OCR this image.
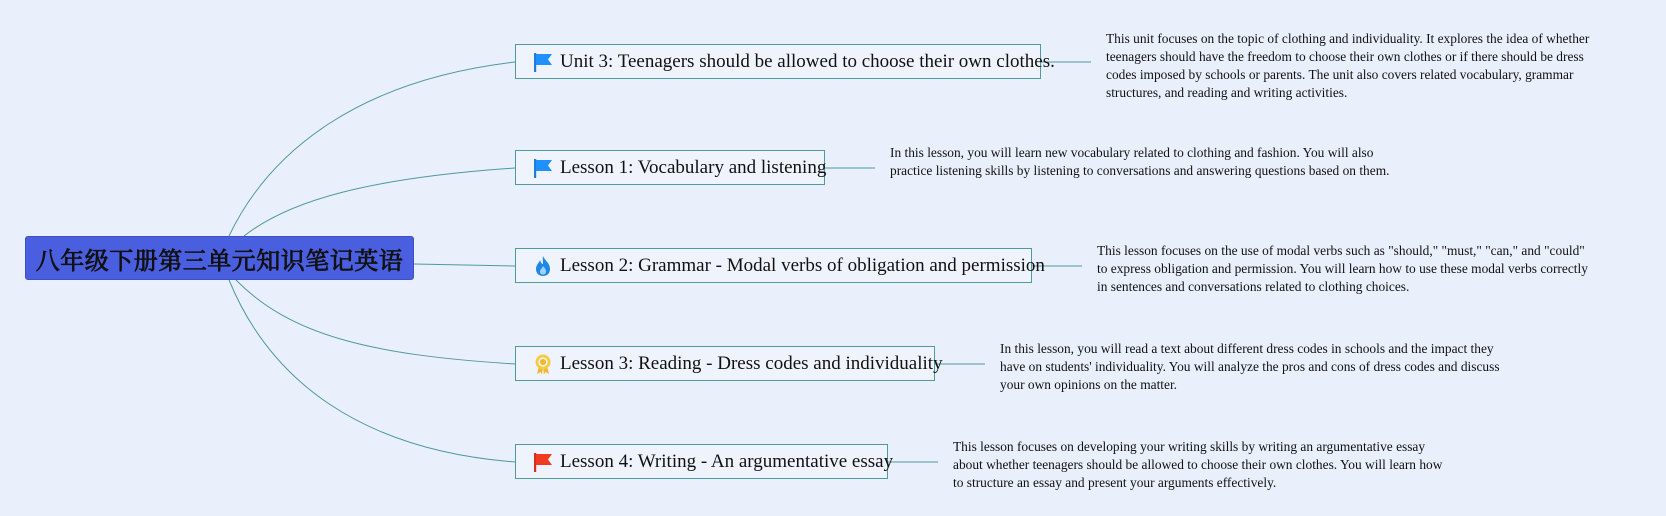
八年级下册第三单元知识笔记英语
Unit 3: Teenagers should be allowed to choose their own clothes.
This unit focuses on the topic of clothing and individuality. It explores the idea of whether teenagers should have the freedom to choose their own clothes or if there should be dress codes imposed by schools or parents. The unit also covers related vocabulary, grammar structures, and reading and writing activities.
Lesson 1: Vocabulary and listening
In this lesson, you will learn new vocabulary related to clothing and fashion. You will also practice listening skills by listening to conversations and answering questions based on them.
Lesson 2: Grammar - Modal verbs of obligation and permission
This lesson focuses on the use of modal verbs such as "should," "must," "can," and "could" to express obligation and permission. You will learn how to use these modal verbs correctly in sentences and conversations related to clothing choices.
Lesson 3: Reading - Dress codes and individuality
In this lesson, you will read a text about different dress codes in schools and the impact they have on students' individuality. You will analyze the pros and cons of dress codes and discuss your own opinions on the matter.
Lesson 4: Writing - An argumentative essay
This lesson focuses on developing your writing skills by writing an argumentative essay about whether teenagers should be allowed to choose their own clothes. You will learn how to structure an essay and present your arguments effectively.
